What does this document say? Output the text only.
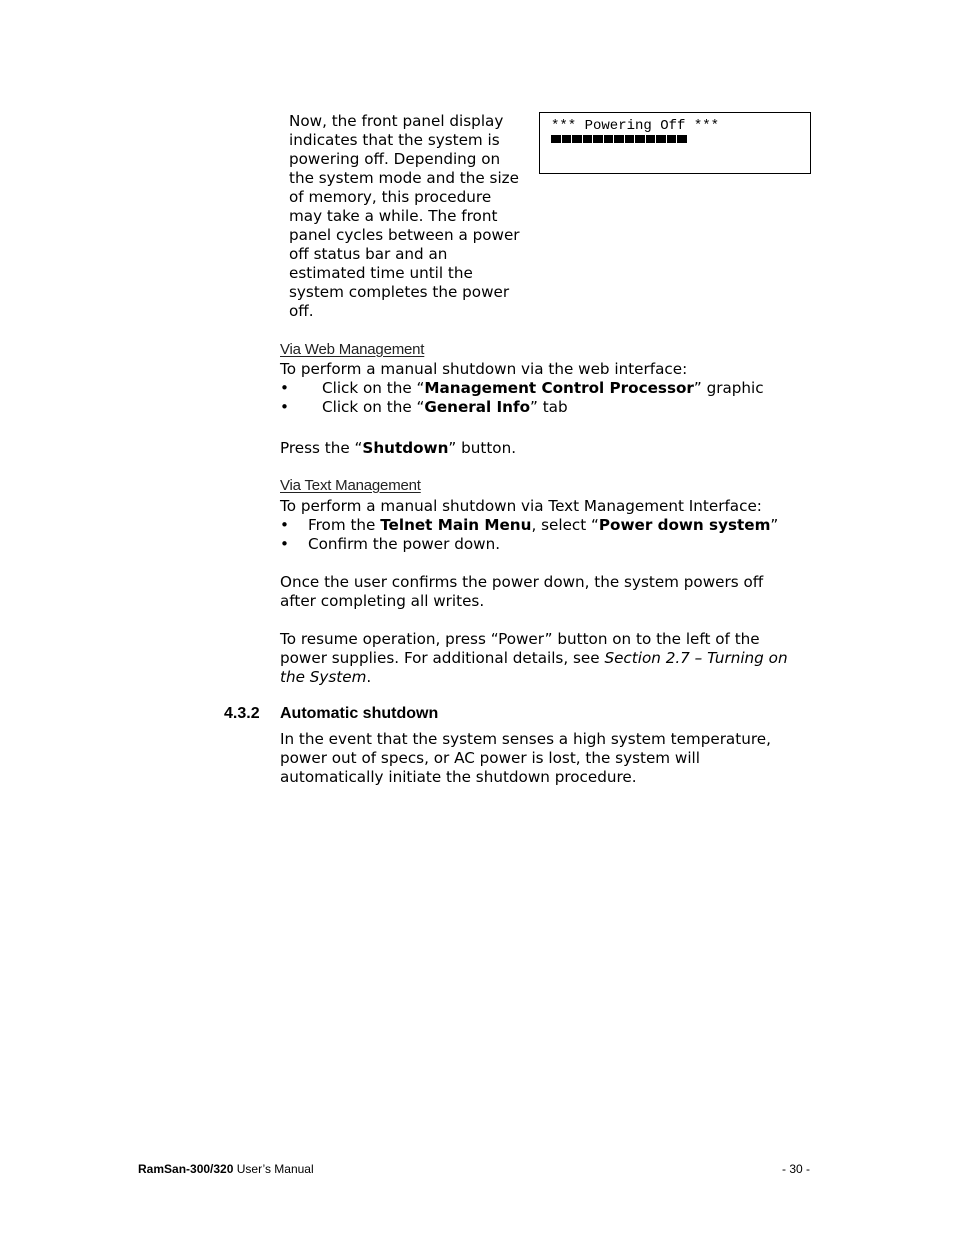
Now, the front panel display indicates that the system is powering off. Depending on the system mode and the size of memory, this procedure may take a while. The front panel cycles between a power off status bar and an estimated time until the system completes the power off.
*** Powering Off ***
Via Web Management
To perform a manual shutdown via the web interface:
• Click on the “Management Control Processor” graphic
• Click on the “General Info” tab
Press the “Shutdown” button.
Via Text Management
To perform a manual shutdown via Text Management Interface:
• From the Telnet Main Menu, select “Power down system”
• Confirm the power down.
Once the user confirms the power down, the system powers off after completing all writes.
To resume operation, press “Power” button on to the left of the power supplies. For additional details, see Section 2.7 – Turning on the System.
4.3.2 Automatic shutdown
In the event that the system senses a high system temperature, power out of specs, or AC power is lost, the system will automatically initiate the shutdown procedure.
RamSan-300/320 User’s Manual	- 30 -
